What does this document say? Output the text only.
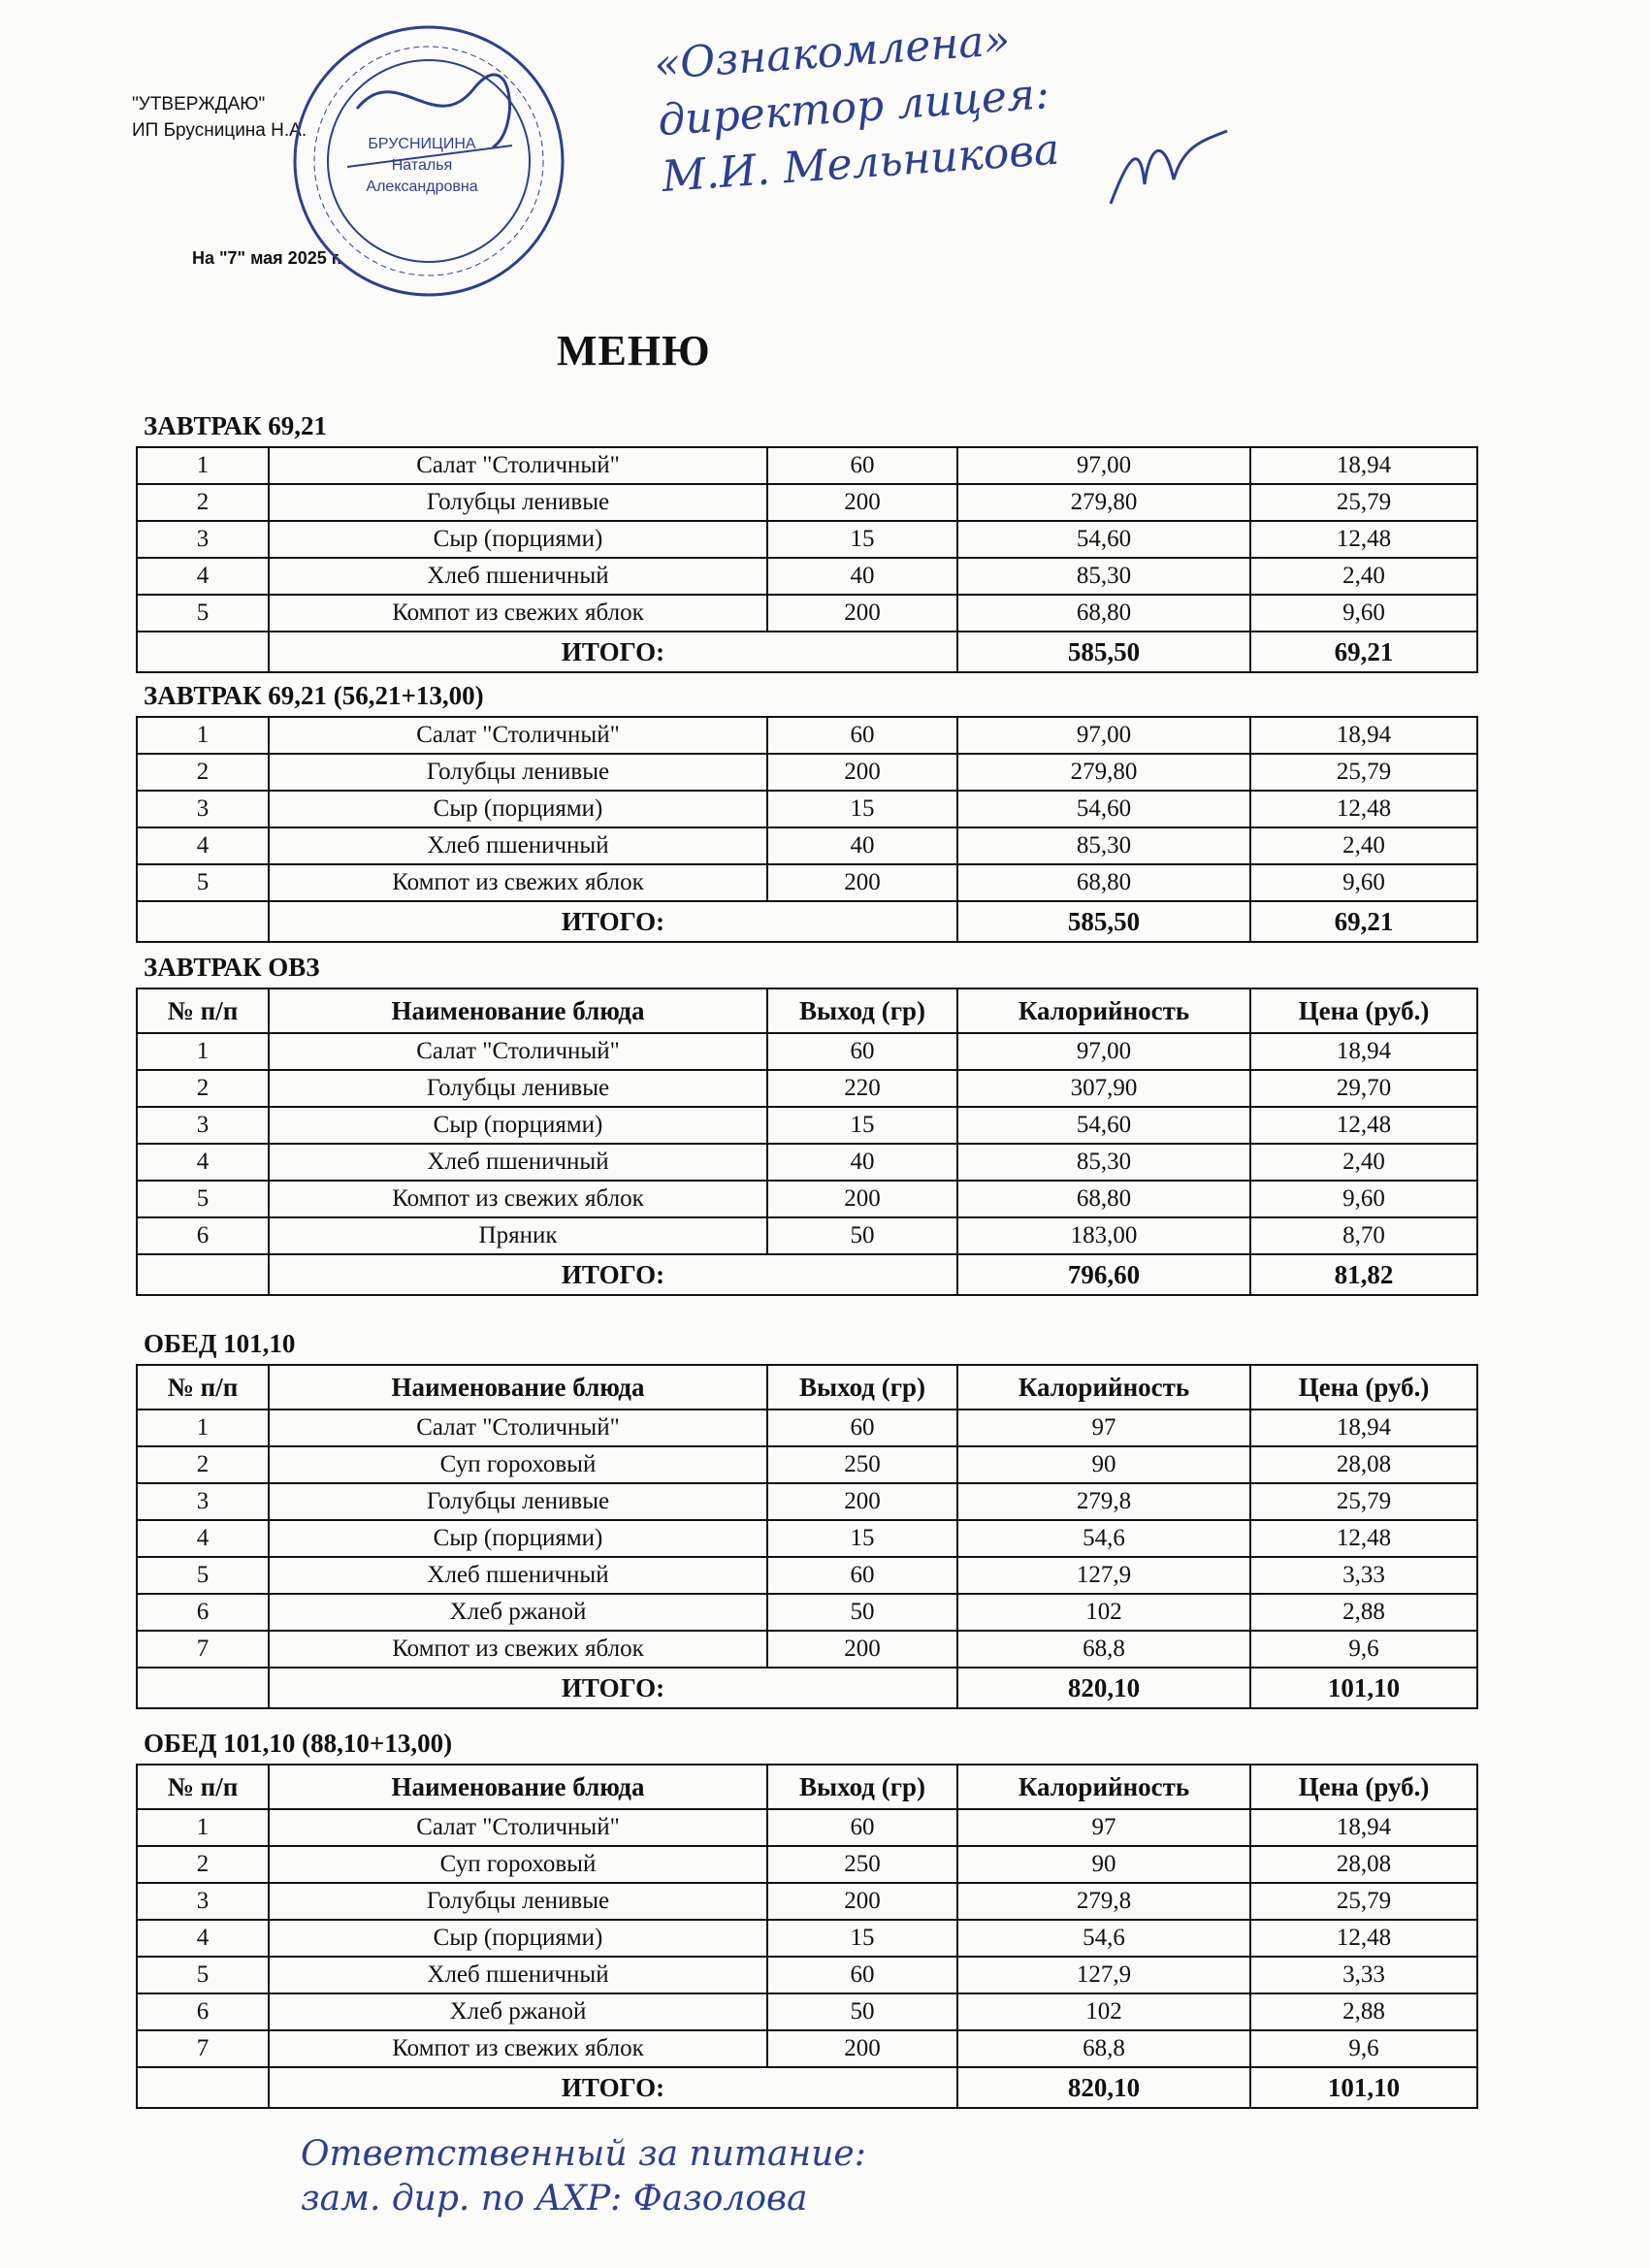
"УТВЕРЖДАЮ"
ИП Брусницина Н.А.
На "7" мая 2025 г.
БРУСНИЦИНА
Наталья
Александровна
«Ознакомлена»
директор лицея:
М.И. Мельникова
МЕНЮ
ЗАВТРАК 69,21
1	Салат "Столичный"	60	97,00	18,94
2	Голубцы ленивые	200	279,80	25,79
3	Сыр (порциями)	15	54,60	12,48
4	Хлеб пшеничный	40	85,30	2,40
5	Компот из свежих яблок	200	68,80	9,60
	ИТОГО:		585,50	69,21
ЗАВТРАК 69,21 (56,21+13,00)
1	Салат "Столичный"	60	97,00	18,94
2	Голубцы ленивые	200	279,80	25,79
3	Сыр (порциями)	15	54,60	12,48
4	Хлеб пшеничный	40	85,30	2,40
5	Компот из свежих яблок	200	68,80	9,60
	ИТОГО:		585,50	69,21
ЗАВТРАК ОВЗ
№ п/п	Наименование блюда	Выход (гр)	Калорийность	Цена (руб.)
1	Салат "Столичный"	60	97,00	18,94
2	Голубцы ленивые	220	307,90	29,70
3	Сыр (порциями)	15	54,60	12,48
4	Хлеб пшеничный	40	85,30	2,40
5	Компот из свежих яблок	200	68,80	9,60
6	Пряник	50	183,00	8,70
	ИТОГО:		796,60	81,82
ОБЕД 101,10
№ п/п	Наименование блюда	Выход (гр)	Калорийность	Цена (руб.)
1	Салат "Столичный"	60	97	18,94
2	Суп гороховый	250	90	28,08
3	Голубцы ленивые	200	279,8	25,79
4	Сыр (порциями)	15	54,6	12,48
5	Хлеб пшеничный	60	127,9	3,33
6	Хлеб ржаной	50	102	2,88
7	Компот из свежих яблок	200	68,8	9,6
	ИТОГО:		820,10	101,10
ОБЕД 101,10 (88,10+13,00)
№ п/п	Наименование блюда	Выход (гр)	Калорийность	Цена (руб.)
1	Салат "Столичный"	60	97	18,94
2	Суп гороховый	250	90	28,08
3	Голубцы ленивые	200	279,8	25,79
4	Сыр (порциями)	15	54,6	12,48
5	Хлеб пшеничный	60	127,9	3,33
6	Хлеб ржаной	50	102	2,88
7	Компот из свежих яблок	200	68,8	9,6
	ИТОГО:		820,10	101,10
Ответственный за питание:
зам. дир. по АХР: Фазолова
